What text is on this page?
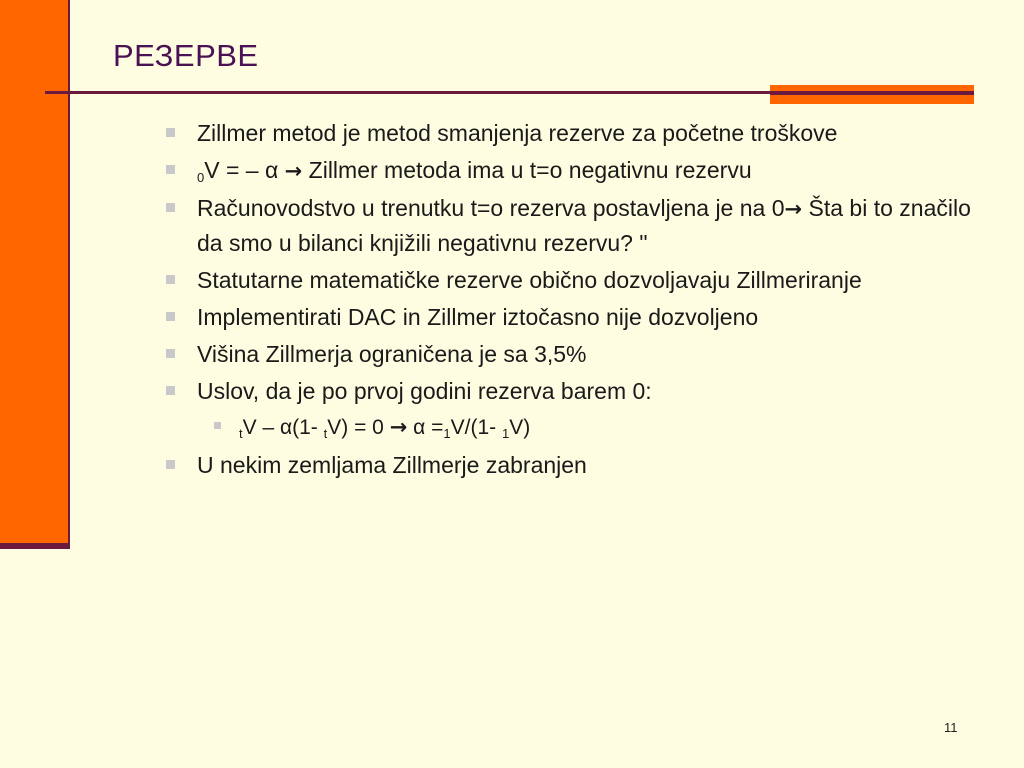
РЕЗЕРВЕ
Zillmer metod je metod smanjenja rezerve za početne troškove
$_0$V = – α → Zillmer metoda ima u t=o negativnu rezervu
Računovodstvo u trenutku t=o rezerva postavljena je na 0→ Šta bi to značilo da smo u bilanci knjižili negativnu rezervu? "
Statutarne matematičke rezerve obično dozvoljavaju Zillmeriranje
Implementirati DAC in Zillmer iztočasno nije dozvoljeno
Višina Zillmerja ograničena je sa 3,5%
Uslov, da je po prvoj godini rezerva barem 0:
$_t$V – α(1- $_tV) = 0 \to \alpha =_1V/(1-$ $_1$V)
U nekim zemljama Zillmerje zabranjen
11
